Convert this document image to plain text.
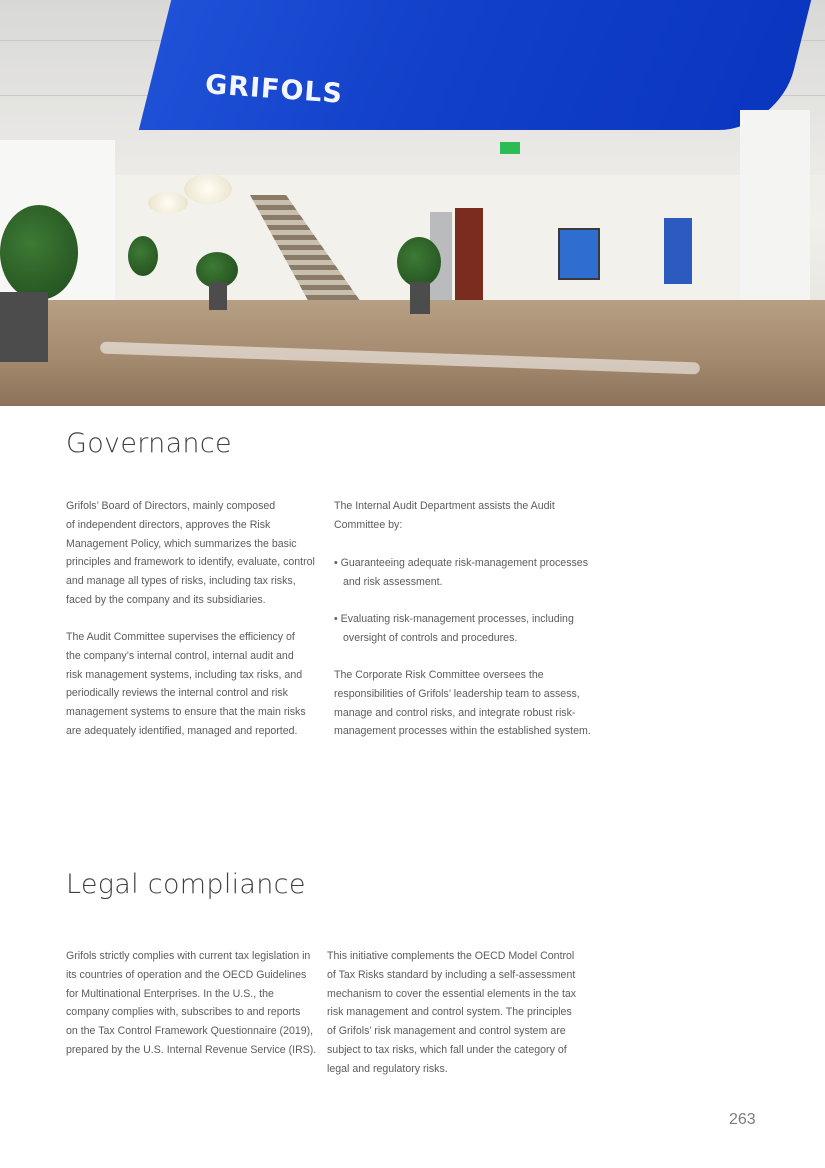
GRIFOLS
Governance

Grifols’ Board of Directors, mainly composed
of independent directors, approves the Risk
Management Policy, which summarizes the basic
principles and framework to identify, evaluate, control
and manage all types of risks, including tax risks,
faced by the company and its subsidiaries.

The Audit Committee supervises the efficiency of
the company’s internal control, internal audit and
risk management systems, including tax risks, and
periodically reviews the internal control and risk
management systems to ensure that the main risks
are adequately identified, managed and reported.

The Internal Audit Department assists the Audit
Committee by:

• Guaranteeing adequate risk-management processes
and risk assessment.

• Evaluating risk-management processes, including
oversight of controls and procedures.

The Corporate Risk Committee oversees the
responsibilities of Grifols’ leadership team to assess,
manage and control risks, and integrate robust risk-
management processes within the established system.

Legal compliance

Grifols strictly complies with current tax legislation in
its countries of operation and the OECD Guidelines
for Multinational Enterprises. In the U.S., the
company complies with, subscribes to and reports
on the Tax Control Framework Questionnaire (2019),
prepared by the U.S. Internal Revenue Service (IRS).

This initiative complements the OECD Model Control
of Tax Risks standard by including a self-assessment
mechanism to cover the essential elements in the tax
risk management and control system. The principles
of Grifols’ risk management and control system are
subject to tax risks, which fall under the category of
legal and regulatory risks.

263
